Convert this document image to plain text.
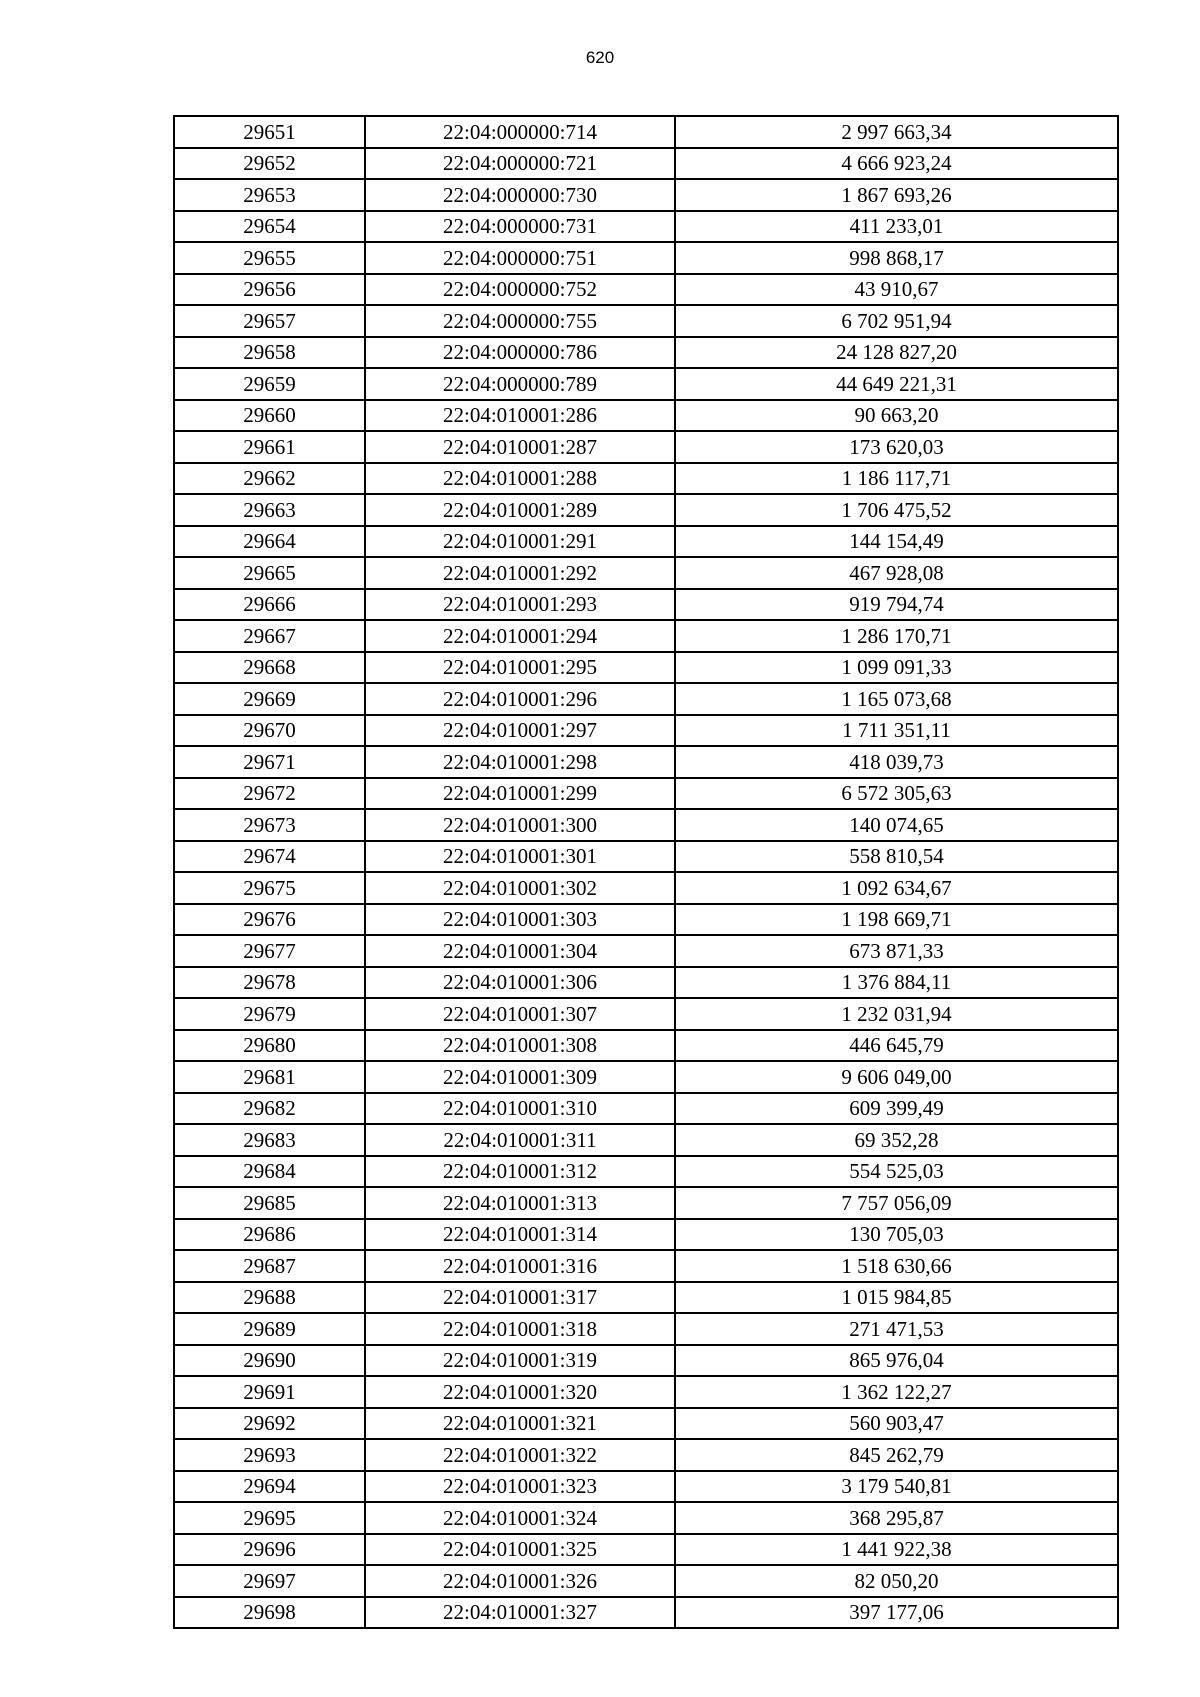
620
29651	22:04:000000:714	2 997 663,34
29652	22:04:000000:721	4 666 923,24
29653	22:04:000000:730	1 867 693,26
29654	22:04:000000:731	411 233,01
29655	22:04:000000:751	998 868,17
29656	22:04:000000:752	43 910,67
29657	22:04:000000:755	6 702 951,94
29658	22:04:000000:786	24 128 827,20
29659	22:04:000000:789	44 649 221,31
29660	22:04:010001:286	90 663,20
29661	22:04:010001:287	173 620,03
29662	22:04:010001:288	1 186 117,71
29663	22:04:010001:289	1 706 475,52
29664	22:04:010001:291	144 154,49
29665	22:04:010001:292	467 928,08
29666	22:04:010001:293	919 794,74
29667	22:04:010001:294	1 286 170,71
29668	22:04:010001:295	1 099 091,33
29669	22:04:010001:296	1 165 073,68
29670	22:04:010001:297	1 711 351,11
29671	22:04:010001:298	418 039,73
29672	22:04:010001:299	6 572 305,63
29673	22:04:010001:300	140 074,65
29674	22:04:010001:301	558 810,54
29675	22:04:010001:302	1 092 634,67
29676	22:04:010001:303	1 198 669,71
29677	22:04:010001:304	673 871,33
29678	22:04:010001:306	1 376 884,11
29679	22:04:010001:307	1 232 031,94
29680	22:04:010001:308	446 645,79
29681	22:04:010001:309	9 606 049,00
29682	22:04:010001:310	609 399,49
29683	22:04:010001:311	69 352,28
29684	22:04:010001:312	554 525,03
29685	22:04:010001:313	7 757 056,09
29686	22:04:010001:314	130 705,03
29687	22:04:010001:316	1 518 630,66
29688	22:04:010001:317	1 015 984,85
29689	22:04:010001:318	271 471,53
29690	22:04:010001:319	865 976,04
29691	22:04:010001:320	1 362 122,27
29692	22:04:010001:321	560 903,47
29693	22:04:010001:322	845 262,79
29694	22:04:010001:323	3 179 540,81
29695	22:04:010001:324	368 295,87
29696	22:04:010001:325	1 441 922,38
29697	22:04:010001:326	82 050,20
29698	22:04:010001:327	397 177,06
